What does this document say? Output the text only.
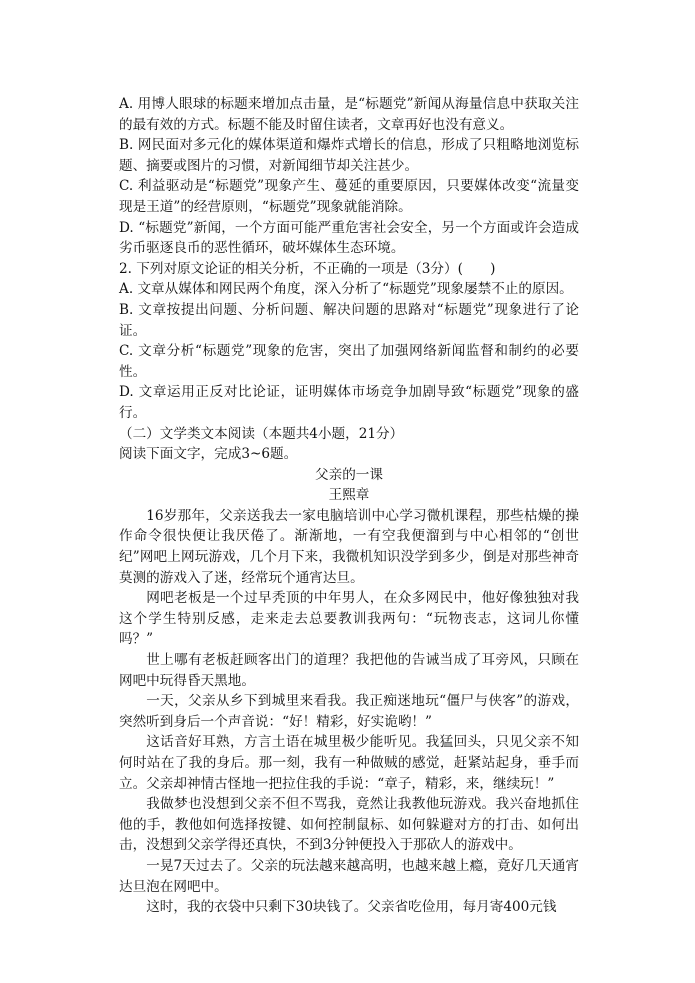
A. 用博人眼球的标题来增加点击量，是“标题党”新闻从海量信息中获取关注的最有效的方式。标题不能及时留住读者，文章再好也没有意义。

B. 网民面对多元化的媒体渠道和爆炸式增长的信息，形成了只粗略地浏览标题、摘要或图片的习惯，对新闻细节却关注甚少。

C. 利益驱动是“标题党”现象产生、蔓延的重要原因，只要媒体改变“流量变现是王道”的经营原则，“标题党”现象就能消除。

D. “标题党”新闻，一个方面可能严重危害社会安全，另一个方面或许会造成劣币驱逐良币的恶性循环，破坏媒体生态环境。

2. 下列对原文论证的相关分析，不正确的一项是（3分）(　　)

A. 文章从媒体和网民两个角度，深入分析了“标题党”现象屡禁不止的原因。

B. 文章按提出问题、分析问题、解决问题的思路对“标题党”现象进行了论证。

C. 文章分析“标题党”现象的危害，突出了加强网络新闻监督和制约的必要性。

D. 文章运用正反对比论证，证明媒体市场竞争加剧导致“标题党”现象的盛行。

（二）文学类文本阅读（本题共4小题，21分）

阅读下面文字，完成3~6题。

父亲的一课

王熙章

16岁那年，父亲送我去一家电脑培训中心学习微机课程，那些枯燥的操作命令很快便让我厌倦了。渐渐地，一有空我便溜到与中心相邻的“创世纪”网吧上网玩游戏，几个月下来，我微机知识没学到多少，倒是对那些神奇莫测的游戏入了迷，经常玩个通宵达旦。

网吧老板是一个过早秃顶的中年男人，在众多网民中，他好像独独对我这个学生特别反感，走来走去总要教训我两句：“玩物丧志，这词儿你懂吗？”

世上哪有老板赶顾客出门的道理？我把他的告诫当成了耳旁风，只顾在网吧中玩得昏天黑地。

一天，父亲从乡下到城里来看我。我正痴迷地玩“僵尸与侠客”的游戏，突然听到身后一个声音说：“好！精彩，好实诡哟！”

这话音好耳熟，方言土语在城里极少能听见。我猛回头，只见父亲不知何时站在了我的身后。那一刻，我有一种做贼的感觉，赶紧站起身，垂手而立。父亲却神情古怪地一把拉住我的手说：“章子，精彩，来，继续玩！”

我做梦也没想到父亲不但不骂我，竟然让我教他玩游戏。我兴奋地抓住他的手，教他如何选择按键、如何控制鼠标、如何躲避对方的打击、如何出击，没想到父亲学得还真快，不到3分钟便投入于那砍人的游戏中。

一晃7天过去了。父亲的玩法越来越高明，也越来越上瘾，竟好几天通宵达旦泡在网吧中。

这时，我的衣袋中只剩下30块钱了。父亲省吃俭用，每月寄400元钱
